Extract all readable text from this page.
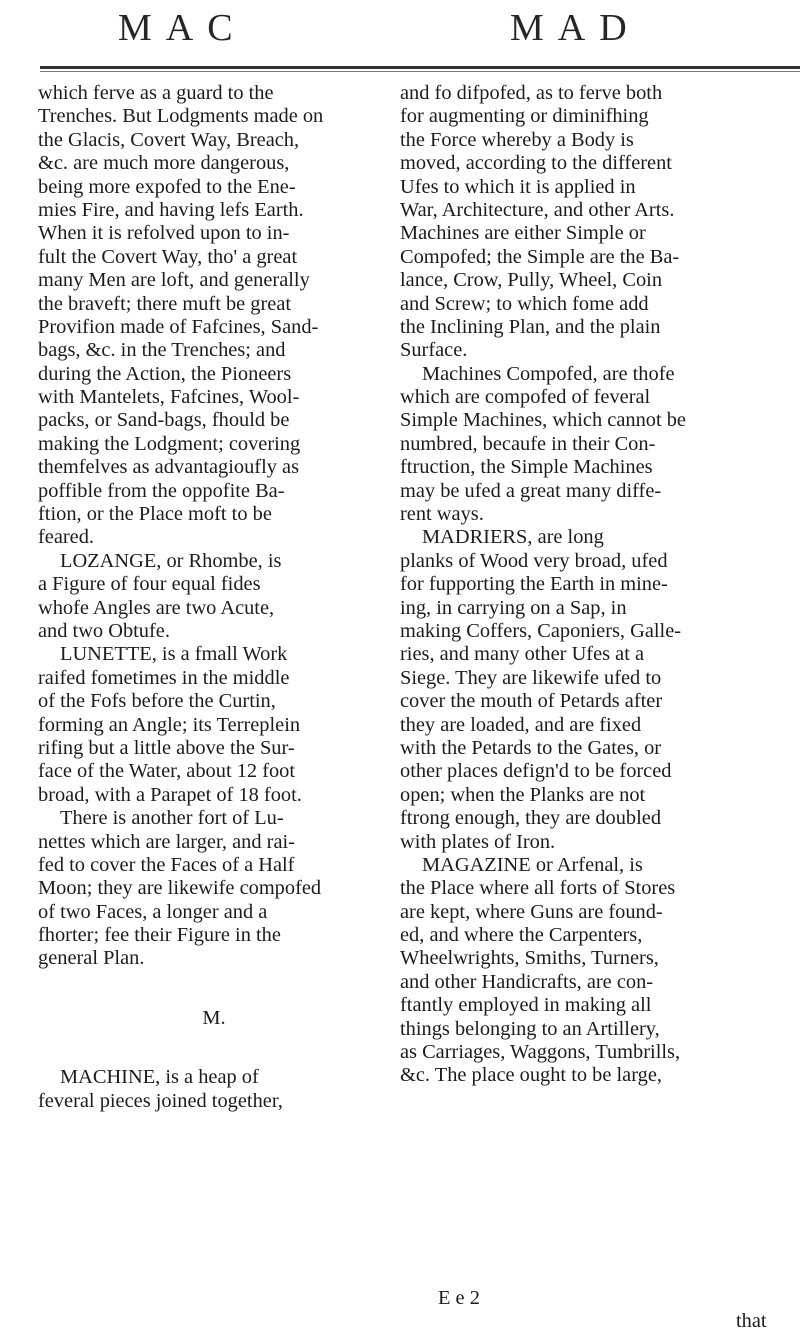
MAC	MAD
which ferve as a guard to the
Trenches. But Lodgments made on
the Glacis, Covert Way, Breach,
&c. are much more dangerous,
being more expofed to the Ene-
mies Fire, and having lefs Earth.
When it is refolved upon to in-
fult the Covert Way, tho' a great
many Men are loft, and generally
the braveft; there muft be great
Provifion made of Fafcines, Sand-
bags, &c. in the Trenches; and
during the Action, the Pioneers
with Mantelets, Fafcines, Wool-
packs, or Sand-bags, fhould be
making the Lodgment; covering
themfelves as advantagioufly as
poffible from the oppofite Ba-
ftion, or the Place moft to be
feared.
LOZANGE, or Rhombe, is
a Figure of four equal fides
whofe Angles are two Acute,
and two Obtufe.
LUNETTE, is a fmall Work
raifed fometimes in the middle
of the Fofs before the Curtin,
forming an Angle; its Terreplein
rifing but a little above the Sur-
face of the Water, about 12 foot
broad, with a Parapet of 18 foot.
There is another fort of Lu-
nettes which are larger, and rai-
fed to cover the Faces of a Half
Moon; they are likewife compofed
of two Faces, a longer and a
fhorter; fee their Figure in the
general Plan.
M.
MACHINE, is a heap of
feveral pieces joined together,
and fo difpofed, as to ferve both
for augmenting or diminifhing
the Force whereby a Body is
moved, according to the different
Ufes to which it is applied in
War, Architecture, and other Arts.
Machines are either Simple or
Compofed; the Simple are the Ba-
lance, Crow, Pully, Wheel, Coin
and Screw; to which fome add
the Inclining Plan, and the plain
Surface.
Machines Compofed, are thofe
which are compofed of feveral
Simple Machines, which cannot be
numbred, becaufe in their Con-
ftruction, the Simple Machines
may be ufed a great many diffe-
rent ways.
MADRIERS, are long
planks of Wood very broad, ufed
for fupporting the Earth in mine-
ing, in carrying on a Sap, in
making Coffers, Caponiers, Galle-
ries, and many other Ufes at a
Siege. They are likewife ufed to
cover the mouth of Petards after
they are loaded, and are fixed
with the Petards to the Gates, or
other places defign'd to be forced
open; when the Planks are not
ftrong enough, they are doubled
with plates of Iron.
MAGAZINE or Arfenal, is
the Place where all forts of Stores
are kept, where Guns are found-
ed, and where the Carpenters,
Wheelwrights, Smiths, Turners,
and other Handicrafts, are con-
ftantly employed in making all
things belonging to an Artillery,
as Carriages, Waggons, Tumbrills,
&c. The place ought to be large,

E e 2

that
